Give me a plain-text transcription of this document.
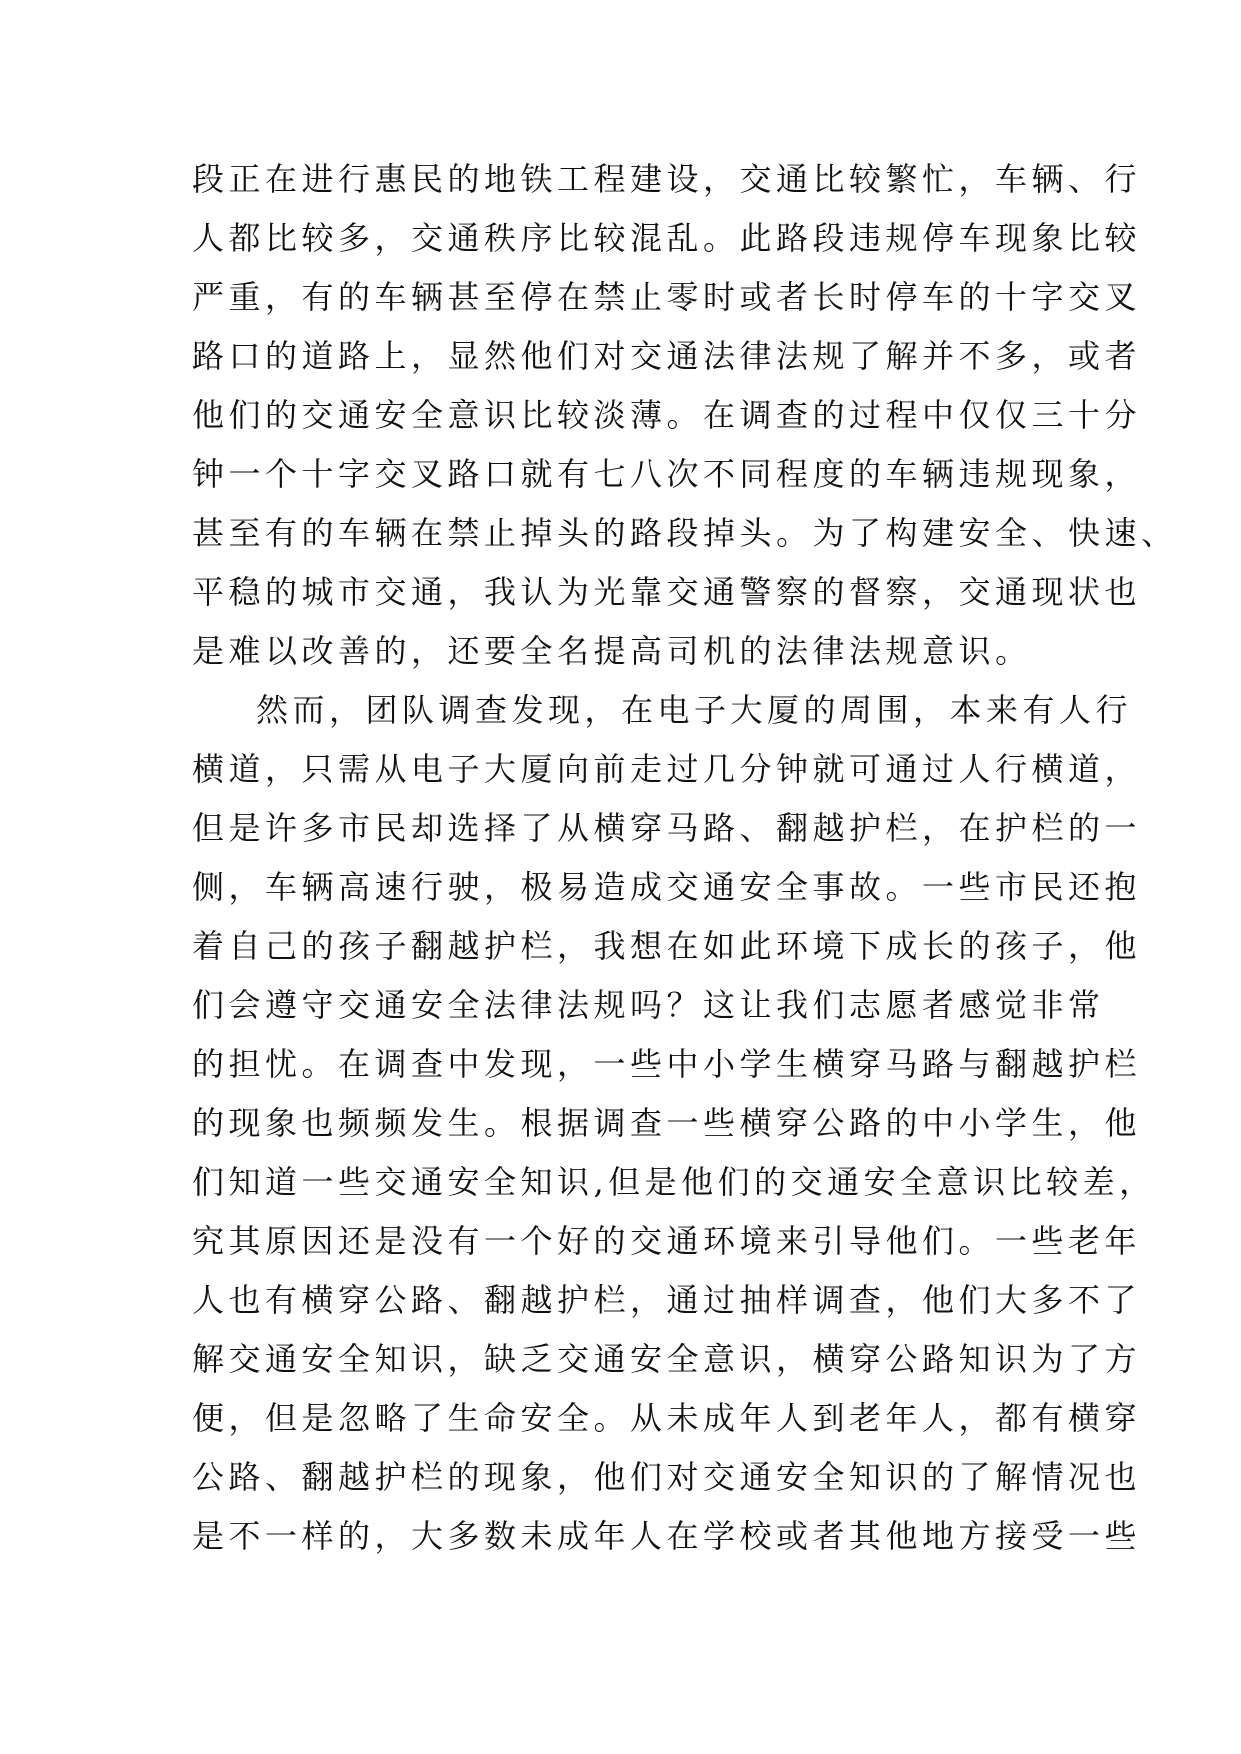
段正在进行惠民的地铁工程建设，交通比较繁忙，车辆、行
人都比较多，交通秩序比较混乱。此路段违规停车现象比较
严重，有的车辆甚至停在禁止零时或者长时停车的十字交叉
路口的道路上，显然他们对交通法律法规了解并不多，或者
他们的交通安全意识比较淡薄。在调查的过程中仅仅三十分
钟一个十字交叉路口就有七八次不同程度的车辆违规现象，
甚至有的车辆在禁止掉头的路段掉头。为了构建安全、快速、
平稳的城市交通，我认为光靠交通警察的督察，交通现状也
是难以改善的，还要全名提高司机的法律法规意识。
然而，团队调查发现，在电子大厦的周围，本来有人行
横道，只需从电子大厦向前走过几分钟就可通过人行横道，
但是许多市民却选择了从横穿马路、翻越护栏，在护栏的一
侧，车辆高速行驶，极易造成交通安全事故。一些市民还抱
着自己的孩子翻越护栏，我想在如此环境下成长的孩子，他
们会遵守交通安全法律法规吗？这让我们志愿者感觉非常
的担忧。在调查中发现，一些中小学生横穿马路与翻越护栏
的现象也频频发生。根据调查一些横穿公路的中小学生，他
们知道一些交通安全知识,但是他们的交通安全意识比较差，
究其原因还是没有一个好的交通环境来引导他们。一些老年
人也有横穿公路、翻越护栏，通过抽样调查，他们大多不了
解交通安全知识，缺乏交通安全意识，横穿公路知识为了方
便，但是忽略了生命安全。从未成年人到老年人，都有横穿
公路、翻越护栏的现象，他们对交通安全知识的了解情况也
是不一样的，大多数未成年人在学校或者其他地方接受一些
